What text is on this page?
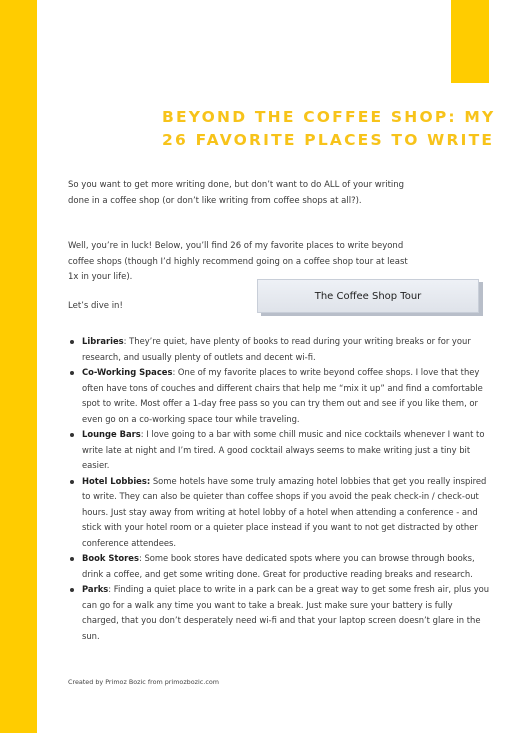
BEYOND THE COFFEE SHOP: MY
26 FAVORITE PLACES TO WRITE
So you want to get more writing done, but don’t want to do ALL of your writing done in a coffee shop (or don’t like writing from coffee shops at all?).
Well, you’re in luck! Below, you’ll find 26 of my favorite places to write beyond coffee shops (though I’d highly recommend going on a coffee shop tour at least 1x in your life).
Let’s dive in!
The Coffee Shop Tour
Libraries: They’re quiet, have plenty of books to read during your writing breaks or for your research, and usually plenty of outlets and decent wi-fi.
Co-Working Spaces: One of my favorite places to write beyond coffee shops. I love that they often have tons of couches and different chairs that help me “mix it up” and find a comfortable spot to write. Most offer a 1-day free pass so you can try them out and see if you like them, or even go on a co-working space tour while traveling.
Lounge Bars: I love going to a bar with some chill music and nice cocktails whenever I want to write late at night and I’m tired. A good cocktail always seems to make writing just a tiny bit easier.
Hotel Lobbies: Some hotels have some truly amazing hotel lobbies that get you really inspired to write. They can also be quieter than coffee shops if you avoid the peak check-in / check-out hours. Just stay away from writing at hotel lobby of a hotel when attending a conference - and stick with your hotel room or a quieter place instead if you want to not get distracted by other conference attendees.
Book Stores: Some book stores have dedicated spots where you can browse through books, drink a coffee, and get some writing done. Great for productive reading breaks and research.
Parks: Finding a quiet place to write in a park can be a great way to get some fresh air, plus you can go for a walk any time you want to take a break. Just make sure your battery is fully charged, that you don’t desperately need wi-fi and that your laptop screen doesn’t glare in the sun.
Created by Primoz Bozic from primozbozic.com
